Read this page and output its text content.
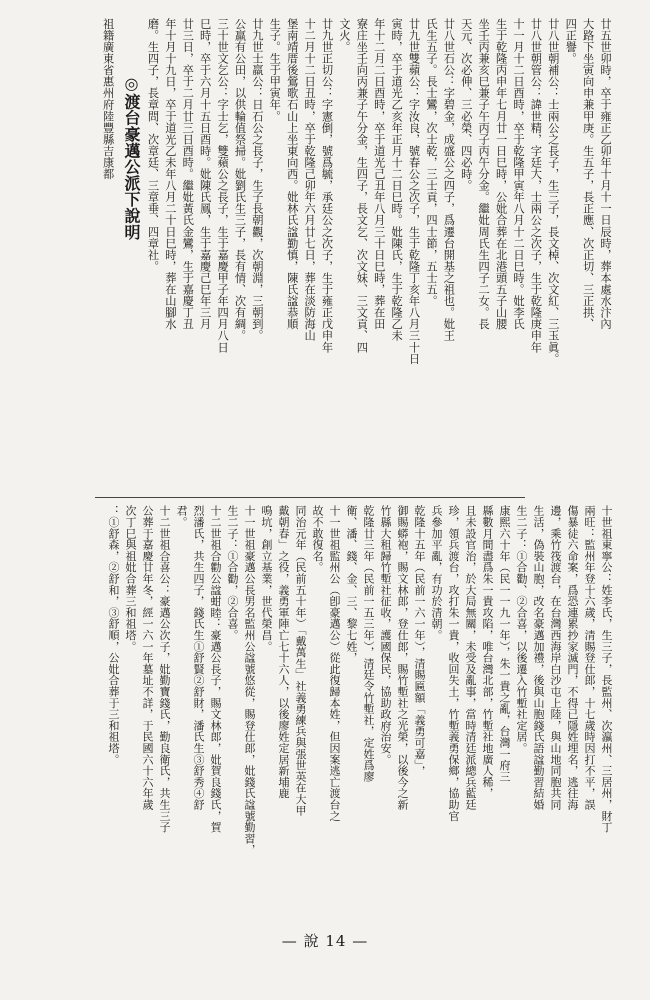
廿五世卯時，卒于雍正乙卯年十月十一日辰時，葬本處水汴內
大路下坐寅向申兼甲庚。生五子，長正應、次正切、三正拱、
四正譽。
廿八世朝補公：士兩公之長子，生三子，長文棹、次文紅、三玉眞。
廿八世朝管公：諱世精，字廷大，士兩公之次子，生于乾隆庚申年
十一月十二日酉時，卒于乾隆甲寅年八月十二日巳時。妣李氏
生于乾隆丙申年七月廿一日巳時，公妣合葬在北港頭五子山腰
坐壬丙兼亥巳兼子午丙子丙午分金。繼妣周氏生四子二女。長
天元、次必伸、三必榮、四必時。
廿八世石公：字碧金，成盛公之四子，爲遷台開基之祖也。妣王
氏生五子。長士鸞，次士乾，三士貢，四士節，五士五。
廿九世雙蘋公：字汝良，號春公之次子，生于乾隆丁亥年八月三十日
寅時，卒于道光乙亥年正月十二日巳時。妣陳氏，生于乾隆乙未
年十二月二日酉時，卒于道光己丑年八月三十日巳時，葬在田
寮庄坐壬向丙兼子午分金，生四子，長文乞、次文妹、三文貢、四
文火。
廿九世正切公：字憲倒，號爲毓，承廷公之次子，生于雍正戊申年
十二月十二日丑時，卒于乾隆己卯年六月廿七日，葬在淡防海山
堡南靖厝後鶯歌石山上坐東向西。妣林氏諡勤慎，陳氏諡恭順
生子。生于甲寅年。
廿九世士羸公：日石公之長子，生子長朝觀，次朝淵，三朝到。
公羸有公田，以供輪值祭掃。妣劉氏生三子，長有情、次有綢。
三十世文乞公：字士乞，雙蘋公之長子，生于嘉慶甲子年四月八日
巳時，卒于六月十五日酉時。妣陳氏鳳，生于嘉慶己巳年三月
廿三日，卒于二月廿三日酉時。繼妣黃氏金鸞，生于嘉慶丁丑
年十月十九日，卒于道光乙未年八月二十日巳時，葬在山腳水
磨。生四子，長章問、次章廷、三章垂、四章社。
◎渡台豪邁公派下說明
祖籍廣東省惠州府陸豐縣吉康都
十世祖東寧公：姓李氏，生三子，長監州、次瀛州、三居州，財丁
兩旺：監州年登十六歲，清賜登仕郎，十七歲時因打不平，誤
傷暴徒六命案，爲恐連累抄家滅門，不得已隱姓埋名，逃往海
邊，乘竹筏渡台，在台灣西海岸白沙屯上陸，與山地同胞共同
生活，偽裝山胞，改名豪邁加禮，後與山胞錢氏語諡勤習結婚
生二子：①合勸、②合喜，以後遷入竹塹社定居。
康熙六十年（民一一九一年），朱一貴之亂，台灣一府三
縣數月間盡爲朱一貴攻陷，唯台灣北部，竹塹社地廣人稀，
且未設官治，於大局無關，未受及亂事，當時清廷派總兵藍廷
珍，領兵渡台，攻打朱一貴，收回失土，竹塹義勇保鄉，協助官
兵參加平亂，有功於清朝。
乾隆十五年（民前一六一年），清賜匾額「義勇可嘉」，
御賜蟒袍，賜文林郎，登仕郎，賜竹塹社之光榮，以後今之新
竹縣大租歸竹塹社征收，護國保民，協助政府治安。
乾隆廿三年（民前一五三年），清廷令竹塹社，定姓爲廖
衛、潘、錢、金、三、黎七姓，
十一世祖監州公（卽豪邁公）從此復歸本姓，但因案逃亡渡台之
故不敢復名。
同治元年（民前五十年）「戴萬生」社義勇練兵與張世英在大甲
戴朝春」之役，義勇軍陣亡七十六人，以後廖姓定居新埔鹿
鳴坑，創立基業，世代榮昌。
十一世祖豪邁公長男名監州公諡號悠從，賜登仕郎，妣錢氏諡號勤習，
生二子：①合勸，②合喜。
十二世祖合勸公諡蚶睦：豪邁公長子，賜文林郎，妣賀良錢氏，賀
烈潘氏，共生四子，錢氏生①舒賢②舒財，潘氏生③舒秀④舒
君。
十二世祖合喜公：豪邁公次子，妣勤寶錢氏，勤良衛氏，共生三子
公葬于嘉慶廿年冬，經一六一年墓址不詳，于民國六十六年歲
次丁巳與祖妣合葬三和祖塔。
：①舒森，②舒和，③舒順，公妣合葬于三和祖塔。
— 說 14 —
